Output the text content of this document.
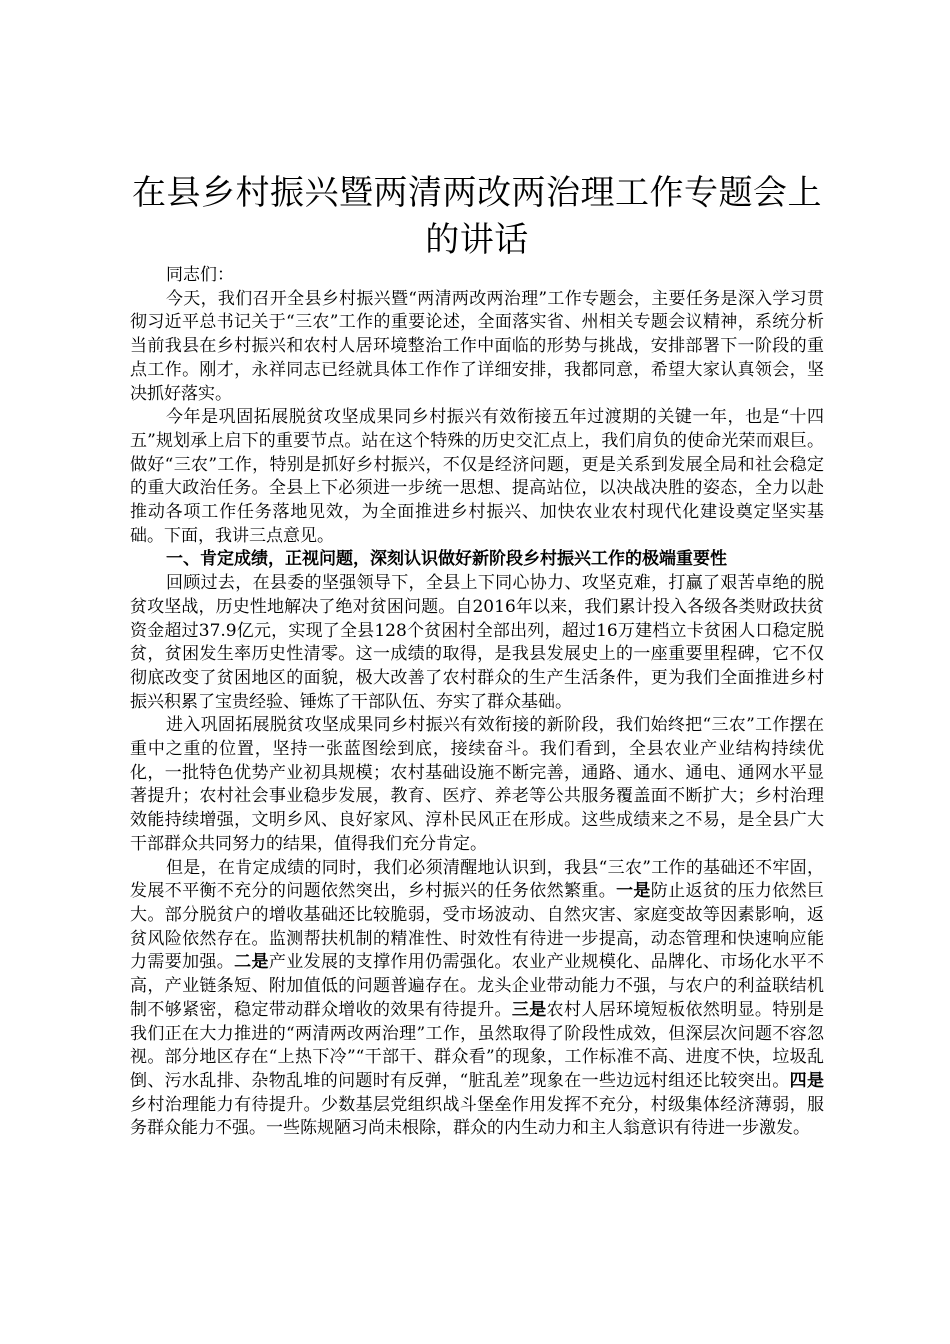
在县乡村振兴暨两清两改两治理工作专题会上的讲话

同志们：

今天，我们召开全县乡村振兴暨“两清两改两治理”工作专题会，主要任务是深入学习贯彻习近平总书记关于“三农”工作的重要论述，全面落实省、州相关专题会议精神，系统分析当前我县在乡村振兴和农村人居环境整治工作中面临的形势与挑战，安排部署下一阶段的重点工作。刚才，永祥同志已经就具体工作作了详细安排，我都同意，希望大家认真领会，坚决抓好落实。

今年是巩固拓展脱贫攻坚成果同乡村振兴有效衔接五年过渡期的关键一年，也是“十四五”规划承上启下的重要节点。站在这个特殊的历史交汇点上，我们肩负的使命光荣而艰巨。做好“三农”工作，特别是抓好乡村振兴，不仅是经济问题，更是关系到发展全局和社会稳定的重大政治任务。全县上下必须进一步统一思想、提高站位，以决战决胜的姿态，全力以赴推动各项工作任务落地见效，为全面推进乡村振兴、加快农业农村现代化建设奠定坚实基础。下面，我讲三点意见。

一、肯定成绩，正视问题，深刻认识做好新阶段乡村振兴工作的极端重要性

回顾过去，在县委的坚强领导下，全县上下同心协力、攻坚克难，打赢了艰苦卓绝的脱贫攻坚战，历史性地解决了绝对贫困问题。自2016年以来，我们累计投入各级各类财政扶贫资金超过37.9亿元，实现了全县128个贫困村全部出列，超过16万建档立卡贫困人口稳定脱贫，贫困发生率历史性清零。这一成绩的取得，是我县发展史上的一座重要里程碑，它不仅彻底改变了贫困地区的面貌，极大改善了农村群众的生产生活条件，更为我们全面推进乡村振兴积累了宝贵经验、锤炼了干部队伍、夯实了群众基础。

进入巩固拓展脱贫攻坚成果同乡村振兴有效衔接的新阶段，我们始终把“三农”工作摆在重中之重的位置，坚持一张蓝图绘到底，接续奋斗。我们看到，全县农业产业结构持续优化，一批特色优势产业初具规模；农村基础设施不断完善，通路、通水、通电、通网水平显著提升；农村社会事业稳步发展，教育、医疗、养老等公共服务覆盖面不断扩大；乡村治理效能持续增强，文明乡风、良好家风、淳朴民风正在形成。这些成绩来之不易，是全县广大干部群众共同努力的结果，值得我们充分肯定。

但是，在肯定成绩的同时，我们必须清醒地认识到，我县“三农”工作的基础还不牢固，发展不平衡不充分的问题依然突出，乡村振兴的任务依然繁重。一是防止返贫的压力依然巨大。部分脱贫户的增收基础还比较脆弱，受市场波动、自然灾害、家庭变故等因素影响，返贫风险依然存在。监测帮扶机制的精准性、时效性有待进一步提高，动态管理和快速响应能力需要加强。二是产业发展的支撑作用仍需强化。农业产业规模化、品牌化、市场化水平不高，产业链条短、附加值低的问题普遍存在。龙头企业带动能力不强，与农户的利益联结机制不够紧密，稳定带动群众增收的效果有待提升。三是农村人居环境短板依然明显。特别是我们正在大力推进的“两清两改两治理”工作，虽然取得了阶段性成效，但深层次问题不容忽视。部分地区存在“上热下冷”“干部干、群众看”的现象，工作标准不高、进度不快，垃圾乱倒、污水乱排、杂物乱堆的问题时有反弹，“脏乱差”现象在一些边远村组还比较突出。四是乡村治理能力有待提升。少数基层党组织战斗堡垒作用发挥不充分，村级集体经济薄弱，服务群众能力不强。一些陈规陋习尚未根除，群众的内生动力和主人翁意识有待进一步激发。
